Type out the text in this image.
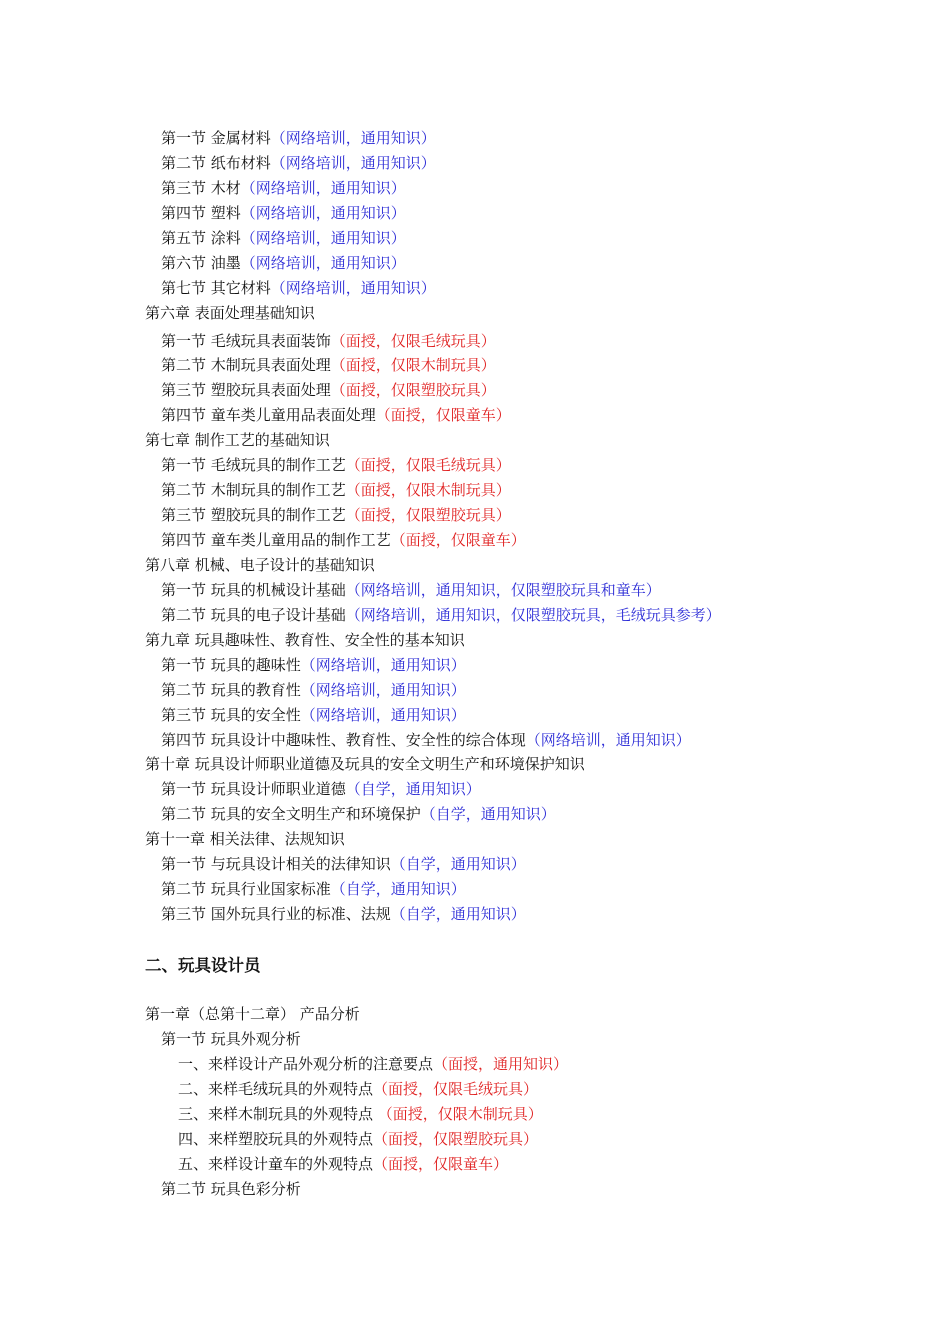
第一节 金属材料（网络培训，通用知识）
第二节 纸布材料（网络培训，通用知识）
第三节 木材（网络培训，通用知识）
第四节 塑料（网络培训，通用知识）
第五节 涂料（网络培训，通用知识）
第六节 油墨（网络培训，通用知识）
第七节 其它材料（网络培训，通用知识）
第六章 表面处理基础知识
第一节 毛绒玩具表面装饰（面授，仅限毛绒玩具）
第二节 木制玩具表面处理（面授，仅限木制玩具）
第三节 塑胶玩具表面处理（面授，仅限塑胶玩具）
第四节 童车类儿童用品表面处理（面授，仅限童车）
第七章 制作工艺的基础知识
第一节 毛绒玩具的制作工艺（面授，仅限毛绒玩具）
第二节 木制玩具的制作工艺（面授，仅限木制玩具）
第三节 塑胶玩具的制作工艺（面授，仅限塑胶玩具）
第四节 童车类儿童用品的制作工艺（面授，仅限童车）
第八章 机械、电子设计的基础知识
第一节 玩具的机械设计基础（网络培训，通用知识，仅限塑胶玩具和童车）
第二节 玩具的电子设计基础（网络培训，通用知识，仅限塑胶玩具，毛绒玩具参考）
第九章 玩具趣味性、教育性、安全性的基本知识
第一节 玩具的趣味性（网络培训，通用知识）
第二节 玩具的教育性（网络培训，通用知识）
第三节 玩具的安全性（网络培训，通用知识）
第四节 玩具设计中趣味性、教育性、安全性的综合体现（网络培训，通用知识）
第十章 玩具设计师职业道德及玩具的安全文明生产和环境保护知识
第一节 玩具设计师职业道德（自学，通用知识）
第二节 玩具的安全文明生产和环境保护（自学，通用知识）
第十一章 相关法律、法规知识
第一节 与玩具设计相关的法律知识（自学，通用知识）
第二节 玩具行业国家标准（自学，通用知识）
第三节 国外玩具行业的标准、法规（自学，通用知识）
二、玩具设计员
第一章（总第十二章） 产品分析
第一节 玩具外观分析
一、来样设计产品外观分析的注意要点（面授，通用知识）
二、来样毛绒玩具的外观特点（面授，仅限毛绒玩具）
三、来样木制玩具的外观特点 （面授，仅限木制玩具）
四、来样塑胶玩具的外观特点（面授，仅限塑胶玩具）
五、来样设计童车的外观特点（面授，仅限童车）
第二节 玩具色彩分析
